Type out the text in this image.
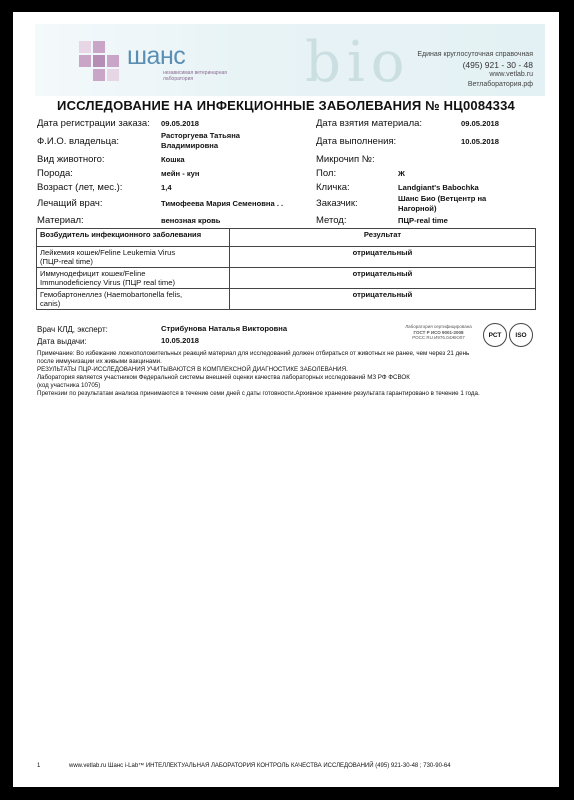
шанс
независимая ветеринарная лаборатория	bio Единая круглосуточная справочная
(495) 921 - 30 - 48
www.vetlab.ru
Ветлаборатория.рф
ИССЛЕДОВАНИЕ НА ИНФЕКЦИОННЫЕ ЗАБОЛЕВАНИЯ № НЦ0084334
Дата регистрации заказа: 09.05.2018
Ф.И.О. владельца:
Расторгуева Татьяна
Владимировна
Вид животного:	Кошка
Порода:	мейн - кун
Возраст (лет, мес.):	1,4
Лечащий врач:	Тимофеева Мария Семеновна . .
Материал:	венозная кровь
Дата взятия материала:	09.05.2018
Дата выполнения:	10.05.2018
Микрочип №:
Пол:	Ж
Кличка:	Landgiant's Babochka
Заказчик:	Шанс Био (Ветцентр на
Нагорной)
Метод:	ПЦР-real time
Возбудитель инфекционного заболевания	Результат

Лейкемия кошек/Feline Leukemia Virus
(ПЦР-real time)	отрицательный

Иммунодефицит кошек/Feline
Immunodeficiency Virus (ПЦР real time)	отрицательный

Гемобартонеллез (Haemobartonella felis,
canis)	отрицательный
Врач КЛД, эксперт:	Стрибунова Наталья Викторовна
Дата выдачи:	10.05.2018
Лаборатория сертифицирована
ГОСТ Р ИСО 9001-2008
РОСС RU.И976.04ЖЮ07	РСТ	ISO
Примечание: Во избежание ложноположительных реакций материал для исследований должен отбираться от животных не ранее, чем через 21 день
после иммунизации их живыми вакцинами.
РЕЗУЛЬТАТЫ ПЦР-ИССЛЕДОВАНИЯ УЧИТЫВАЮТСЯ В КОМПЛЕКСНОЙ ДИАГНОСТИКЕ ЗАБОЛЕВАНИЯ.
Лаборатория является участником Федеральной системы внешней оценки качества лабораторных исследований МЗ РФ ФСВОК
(код участника 10705)
Претензии по результатам анализа принимаются в течение семи дней с даты готовности.Архивное хранение результата гарантировано в течение 1 года.
1	www.vetlab.ru Шанс i-Lab™ ИНТЕЛЛЕКТУАЛЬНАЯ ЛАБОРАТОРИЯ КОНТРОЛЬ КАЧЕСТВА ИССЛЕДОВАНИЙ (495) 921-30-48 ; 730-90-64
